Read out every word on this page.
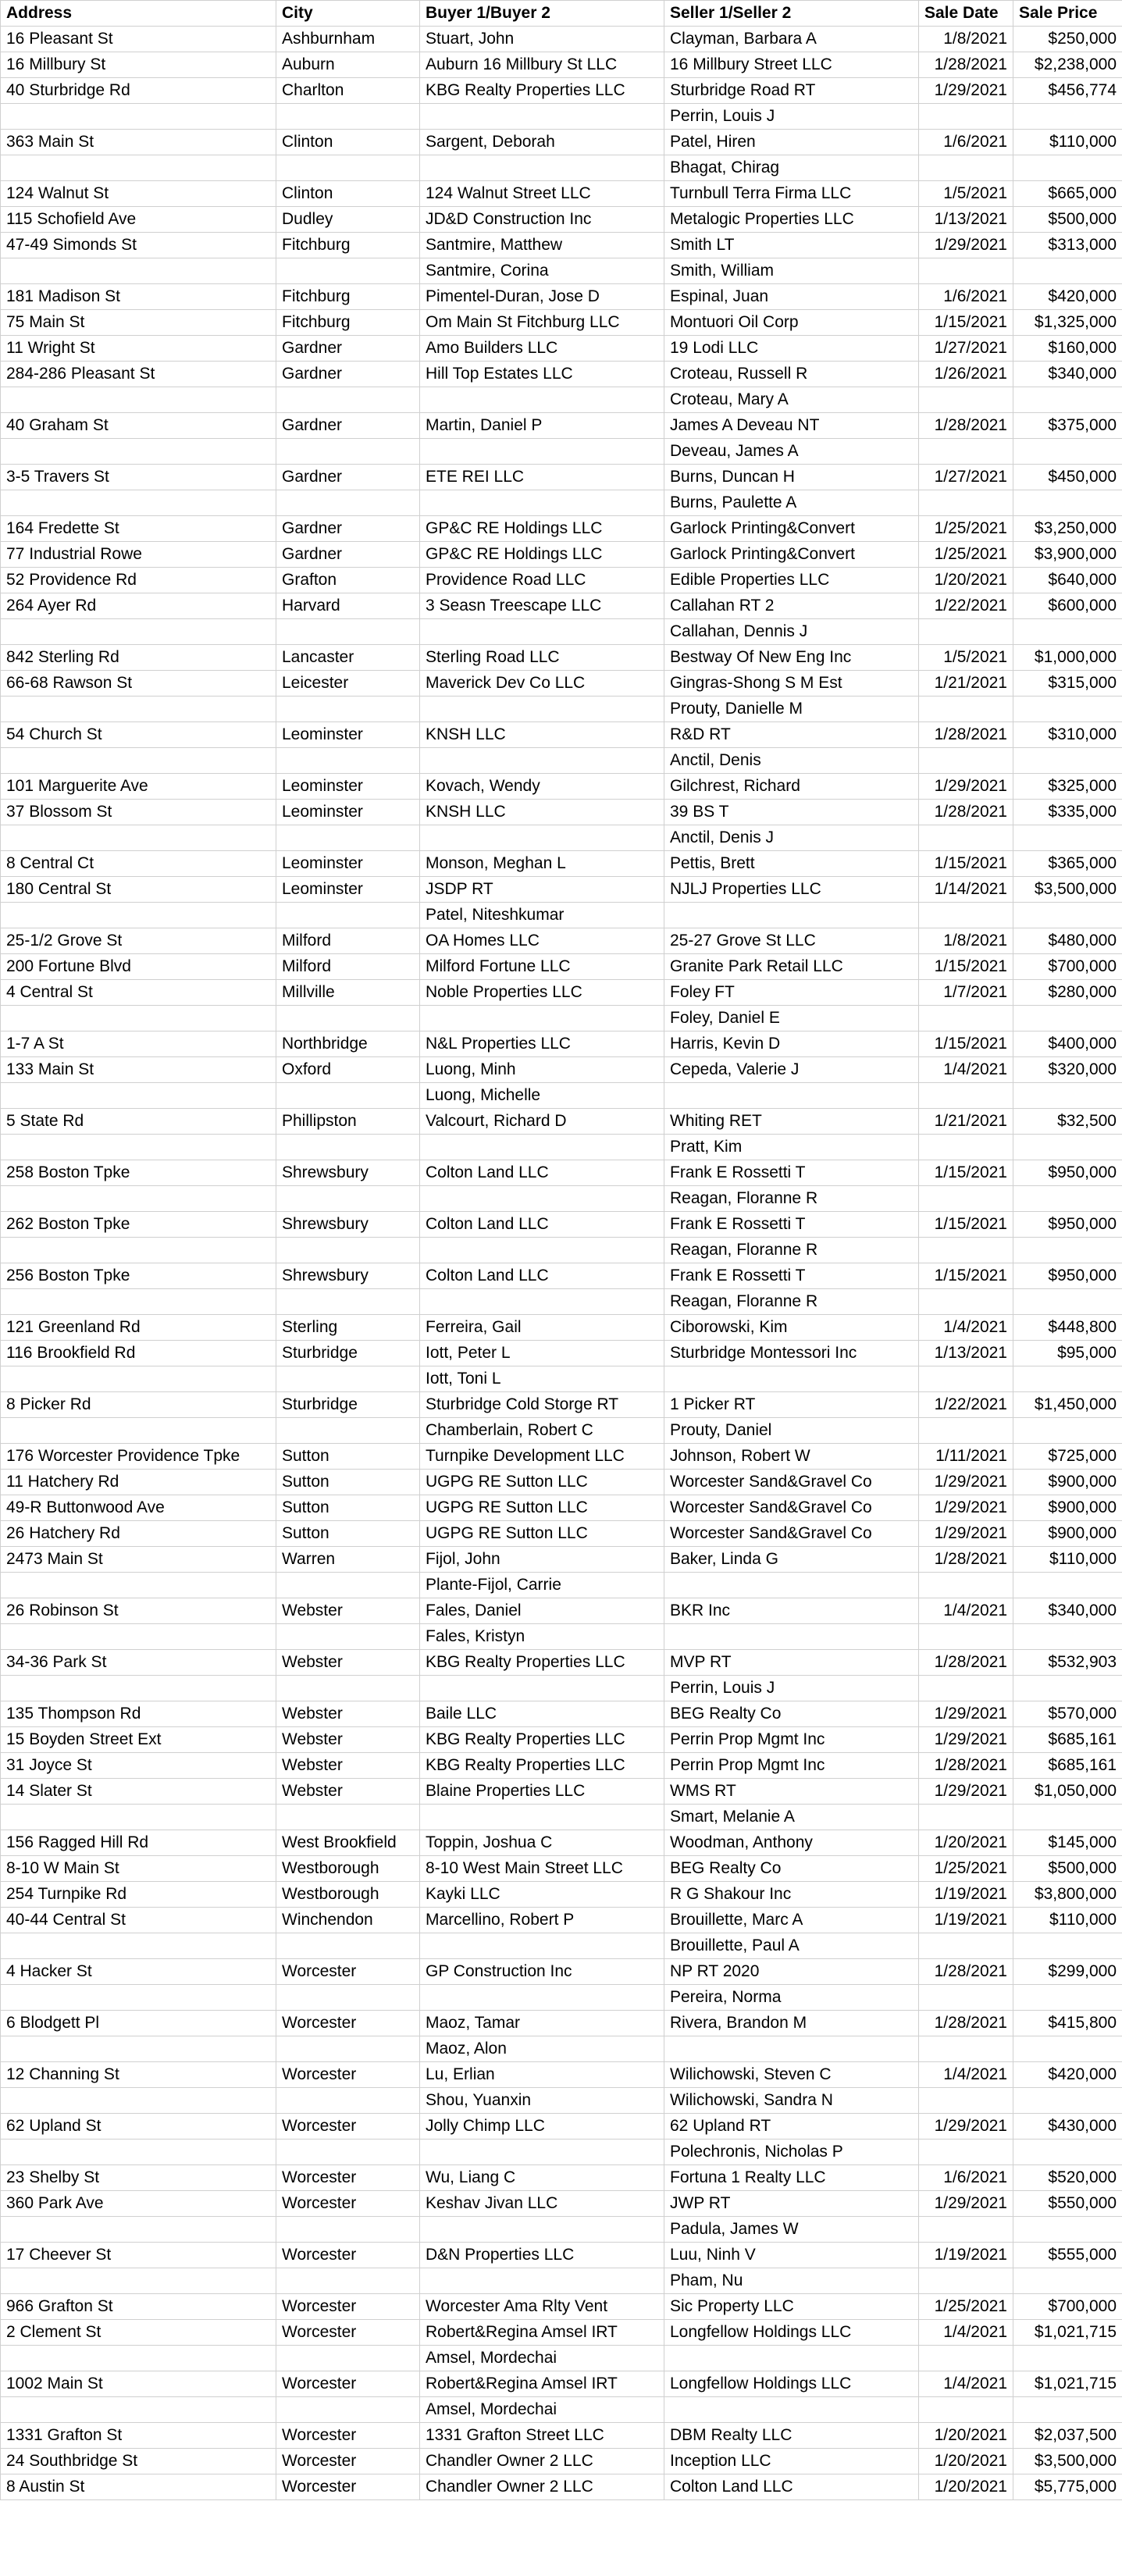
Address	City	Buyer 1/Buyer 2	Seller 1/Seller 2	Sale Date	Sale Price
16 Pleasant St	Ashburnham	Stuart, John	Clayman, Barbara A	1/8/2021	$250,000
16 Millbury St	Auburn	Auburn 16 Millbury St LLC	16 Millbury Street LLC	1/28/2021	$2,238,000
40 Sturbridge Rd	Charlton	KBG Realty Properties LLC	Sturbridge Road RT	1/29/2021	$456,774
			Perrin, Louis J		
363 Main St	Clinton	Sargent, Deborah	Patel, Hiren	1/6/2021	$110,000
			Bhagat, Chirag		
124 Walnut St	Clinton	124 Walnut Street LLC	Turnbull Terra Firma LLC	1/5/2021	$665,000
115 Schofield Ave	Dudley	JD&D Construction Inc	Metalogic Properties LLC	1/13/2021	$500,000
47-49 Simonds St	Fitchburg	Santmire, Matthew	Smith LT	1/29/2021	$313,000
		Santmire, Corina	Smith, William		
181 Madison St	Fitchburg	Pimentel-Duran, Jose D	Espinal, Juan	1/6/2021	$420,000
75 Main St	Fitchburg	Om Main St Fitchburg LLC	Montuori Oil Corp	1/15/2021	$1,325,000
11 Wright St	Gardner	Amo Builders LLC	19 Lodi LLC	1/27/2021	$160,000
284-286 Pleasant St	Gardner	Hill Top Estates LLC	Croteau, Russell R	1/26/2021	$340,000
			Croteau, Mary A		
40 Graham St	Gardner	Martin, Daniel P	James A Deveau NT	1/28/2021	$375,000
			Deveau, James A		
3-5 Travers St	Gardner	ETE REI LLC	Burns, Duncan H	1/27/2021	$450,000
			Burns, Paulette A		
164 Fredette St	Gardner	GP&C RE Holdings LLC	Garlock Printing&Convert	1/25/2021	$3,250,000
77 Industrial Rowe	Gardner	GP&C RE Holdings LLC	Garlock Printing&Convert	1/25/2021	$3,900,000
52 Providence Rd	Grafton	Providence Road LLC	Edible Properties LLC	1/20/2021	$640,000
264 Ayer Rd	Harvard	3 Seasn Treescape LLC	Callahan RT 2	1/22/2021	$600,000
			Callahan, Dennis J		
842 Sterling Rd	Lancaster	Sterling Road LLC	Bestway Of New Eng Inc	1/5/2021	$1,000,000
66-68 Rawson St	Leicester	Maverick Dev Co LLC	Gingras-Shong S M Est	1/21/2021	$315,000
			Prouty, Danielle M		
54 Church St	Leominster	KNSH LLC	R&D RT	1/28/2021	$310,000
			Anctil, Denis		
101 Marguerite Ave	Leominster	Kovach, Wendy	Gilchrest, Richard	1/29/2021	$325,000
37 Blossom St	Leominster	KNSH LLC	39 BS T	1/28/2021	$335,000
			Anctil, Denis J		
8 Central Ct	Leominster	Monson, Meghan L	Pettis, Brett	1/15/2021	$365,000
180 Central St	Leominster	JSDP RT	NJLJ Properties LLC	1/14/2021	$3,500,000
		Patel, Niteshkumar			
25-1/2 Grove St	Milford	OA Homes LLC	25-27 Grove St LLC	1/8/2021	$480,000
200 Fortune Blvd	Milford	Milford Fortune LLC	Granite Park Retail LLC	1/15/2021	$700,000
4 Central St	Millville	Noble Properties LLC	Foley FT	1/7/2021	$280,000
			Foley, Daniel E		
1-7 A St	Northbridge	N&L Properties LLC	Harris, Kevin D	1/15/2021	$400,000
133 Main St	Oxford	Luong, Minh	Cepeda, Valerie J	1/4/2021	$320,000
		Luong, Michelle			
5 State Rd	Phillipston	Valcourt, Richard D	Whiting RET	1/21/2021	$32,500
			Pratt, Kim		
258 Boston Tpke	Shrewsbury	Colton Land LLC	Frank E Rossetti T	1/15/2021	$950,000
			Reagan, Floranne R		
262 Boston Tpke	Shrewsbury	Colton Land LLC	Frank E Rossetti T	1/15/2021	$950,000
			Reagan, Floranne R		
256 Boston Tpke	Shrewsbury	Colton Land LLC	Frank E Rossetti T	1/15/2021	$950,000
			Reagan, Floranne R		
121 Greenland Rd	Sterling	Ferreira, Gail	Ciborowski, Kim	1/4/2021	$448,800
116 Brookfield Rd	Sturbridge	Iott, Peter L	Sturbridge Montessori Inc	1/13/2021	$95,000
		Iott, Toni L			
8 Picker Rd	Sturbridge	Sturbridge Cold Storge RT	1 Picker RT	1/22/2021	$1,450,000
		Chamberlain, Robert C	Prouty, Daniel		
176 Worcester Providence Tpke	Sutton	Turnpike Development LLC	Johnson, Robert W	1/11/2021	$725,000
11 Hatchery Rd	Sutton	UGPG RE Sutton LLC	Worcester Sand&Gravel Co	1/29/2021	$900,000
49-R Buttonwood Ave	Sutton	UGPG RE Sutton LLC	Worcester Sand&Gravel Co	1/29/2021	$900,000
26 Hatchery Rd	Sutton	UGPG RE Sutton LLC	Worcester Sand&Gravel Co	1/29/2021	$900,000
2473 Main St	Warren	Fijol, John	Baker, Linda G	1/28/2021	$110,000
		Plante-Fijol, Carrie			
26 Robinson St	Webster	Fales, Daniel	BKR Inc	1/4/2021	$340,000
		Fales, Kristyn			
34-36 Park St	Webster	KBG Realty Properties LLC	MVP RT	1/28/2021	$532,903
			Perrin, Louis J		
135 Thompson Rd	Webster	Baile LLC	BEG Realty Co	1/29/2021	$570,000
15 Boyden Street Ext	Webster	KBG Realty Properties LLC	Perrin Prop Mgmt Inc	1/29/2021	$685,161
31 Joyce St	Webster	KBG Realty Properties LLC	Perrin Prop Mgmt Inc	1/28/2021	$685,161
14 Slater St	Webster	Blaine Properties LLC	WMS RT	1/29/2021	$1,050,000
			Smart, Melanie A		
156 Ragged Hill Rd	West Brookfield	Toppin, Joshua C	Woodman, Anthony	1/20/2021	$145,000
8-10 W Main St	Westborough	8-10 West Main Street LLC	BEG Realty Co	1/25/2021	$500,000
254 Turnpike Rd	Westborough	Kayki LLC	R G Shakour Inc	1/19/2021	$3,800,000
40-44 Central St	Winchendon	Marcellino, Robert P	Brouillette, Marc A	1/19/2021	$110,000
			Brouillette, Paul A		
4 Hacker St	Worcester	GP Construction Inc	NP RT 2020	1/28/2021	$299,000
			Pereira, Norma		
6 Blodgett Pl	Worcester	Maoz, Tamar	Rivera, Brandon M	1/28/2021	$415,800
		Maoz, Alon			
12 Channing St	Worcester	Lu, Erlian	Wilichowski, Steven C	1/4/2021	$420,000
		Shou, Yuanxin	Wilichowski, Sandra N		
62 Upland St	Worcester	Jolly Chimp LLC	62 Upland RT	1/29/2021	$430,000
			Polechronis, Nicholas P		
23 Shelby St	Worcester	Wu, Liang C	Fortuna 1 Realty LLC	1/6/2021	$520,000
360 Park Ave	Worcester	Keshav Jivan LLC	JWP RT	1/29/2021	$550,000
			Padula, James W		
17 Cheever St	Worcester	D&N Properties LLC	Luu, Ninh V	1/19/2021	$555,000
			Pham, Nu		
966 Grafton St	Worcester	Worcester Ama Rlty Vent	Sic Property LLC	1/25/2021	$700,000
2 Clement St	Worcester	Robert&Regina Amsel IRT	Longfellow Holdings LLC	1/4/2021	$1,021,715
		Amsel, Mordechai			
1002 Main St	Worcester	Robert&Regina Amsel IRT	Longfellow Holdings LLC	1/4/2021	$1,021,715
		Amsel, Mordechai			
1331 Grafton St	Worcester	1331 Grafton Street LLC	DBM Realty LLC	1/20/2021	$2,037,500
24 Southbridge St	Worcester	Chandler Owner 2 LLC	Inception LLC	1/20/2021	$3,500,000
8 Austin St	Worcester	Chandler Owner 2 LLC	Colton Land LLC	1/20/2021	$5,775,000
